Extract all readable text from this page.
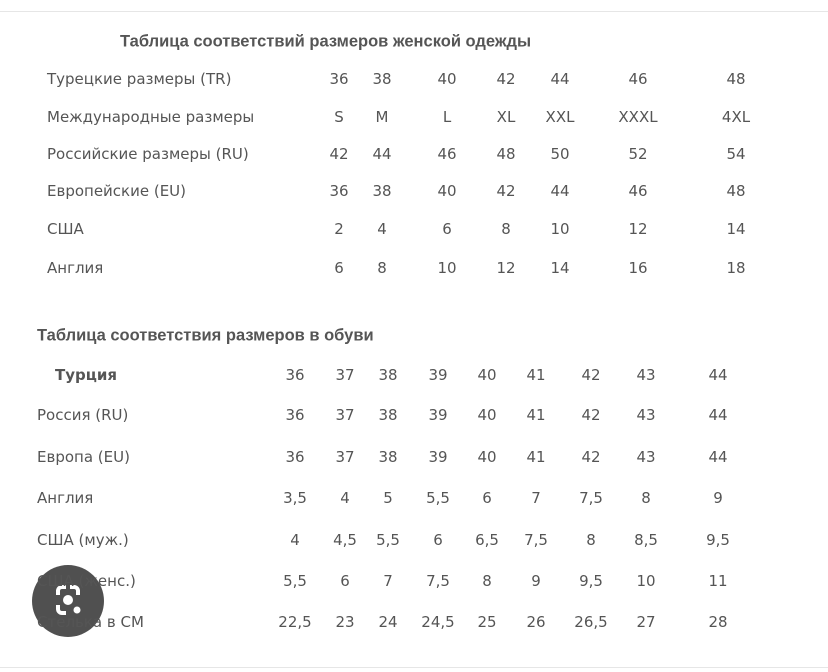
Таблица соответствий размеров женской одежды
Турецкие размеры (TR)	36 38	40	42 44	46	48
Международные размеры	S M	L	XL XXL	XXXL	4XL
Российские размеры (RU)	42 44	46	48 50	52	54
Европейские (EU)	36 38	40	42 44	46	48
США	2 4	6	8	10	12	14
Англия	6 8	10	12 14	16	18
Таблица соответствия размеров в обуви
Турция	36 37 38 39 40 41 42 43	44
Россия (RU)	36 37 38 39 40 41 42 43	44
Европа (EU)	36 37 38 39 40 41 42 43	44
Англия	3,5 4 5 5,5 6	7	7,5	8	9
США (муж.)	4 4,5 5,5 6 6,5 7,5	8	8,5	9,5
США (женс.)	5,5 6 7 7,5 8	9	9,5 10	11
Стелька в СМ	22,5 23 24 24,5 25 26 26,5 27	28
